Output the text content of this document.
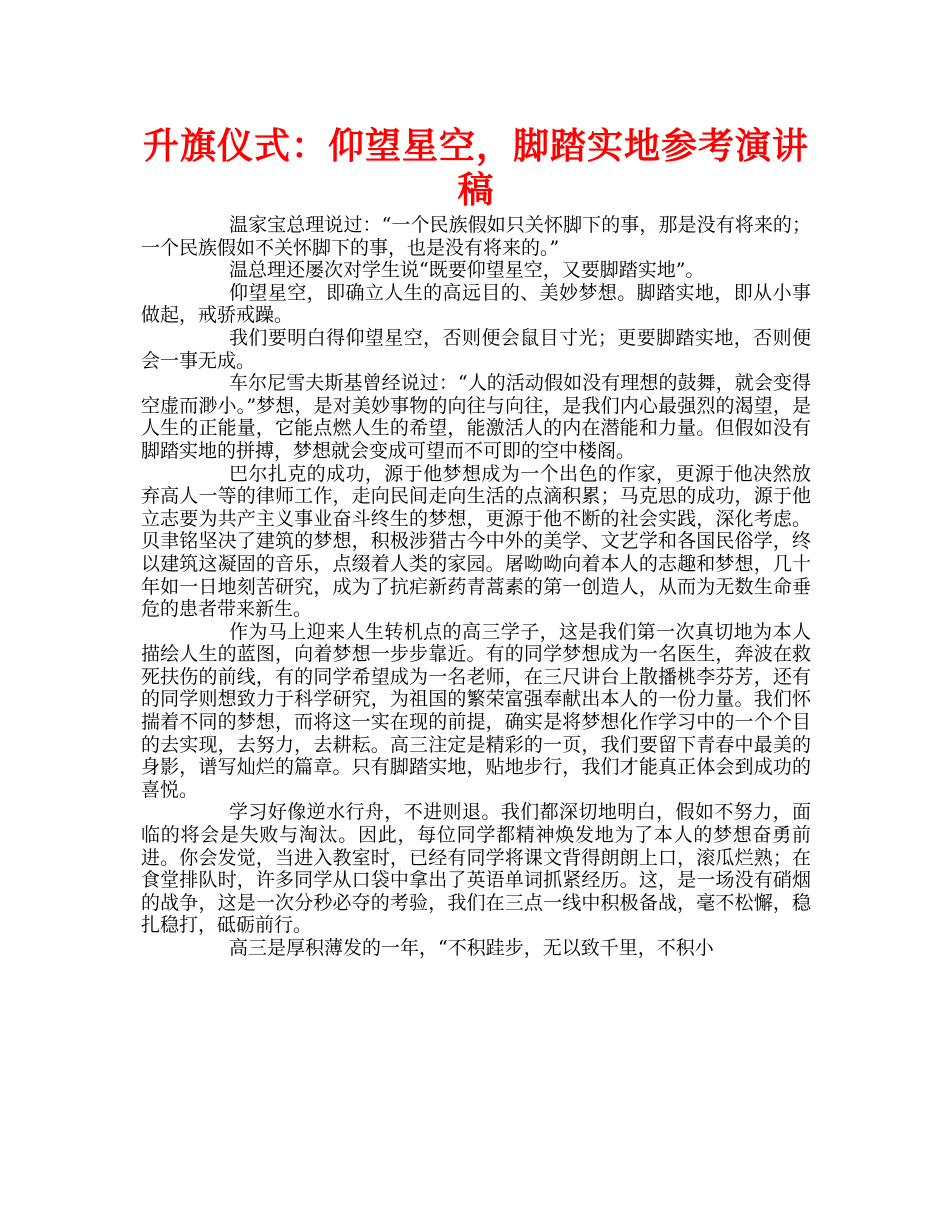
升旗仪式：仰望星空，脚踏实地参考演讲稿

温家宝总理说过：“一个民族假如只关怀脚下的事，那是没有将来的；一个民族假如不关怀脚下的事，也是没有将来的。”

温总理还屡次对学生说“既要仰望星空，又要脚踏实地”。

仰望星空，即确立人生的高远目的、美妙梦想。脚踏实地，即从小事做起，戒骄戒躁。

我们要明白得仰望星空，否则便会鼠目寸光；更要脚踏实地，否则便会一事无成。

车尔尼雪夫斯基曾经说过：“人的活动假如没有理想的鼓舞，就会变得空虚而渺小。”梦想，是对美妙事物的向往与向往，是我们内心最强烈的渴望，是人生的正能量，它能点燃人生的希望，能激活人的内在潜能和力量。但假如没有脚踏实地的拼搏，梦想就会变成可望而不可即的空中楼阁。

巴尔扎克的成功，源于他梦想成为一个出色的作家，更源于他决然放弃高人一等的律师工作，走向民间走向生活的点滴积累；马克思的成功，源于他立志要为共产主义事业奋斗终生的梦想，更源于他不断的社会实践，深化考虑。贝聿铭坚决了建筑的梦想，积极涉猎古今中外的美学、文艺学和各国民俗学，终以建筑这凝固的音乐，点缀着人类的家园。屠呦呦向着本人的志趣和梦想，几十年如一日地刻苦研究，成为了抗疟新药青蒿素的第一创造人，从而为无数生命垂危的患者带来新生。

作为马上迎来人生转机点的高三学子，这是我们第一次真切地为本人描绘人生的蓝图，向着梦想一步步靠近。有的同学梦想成为一名医生，奔波在救死扶伤的前线，有的同学希望成为一名老师，在三尺讲台上散播桃李芬芳，还有的同学则想致力于科学研究，为祖国的繁荣富强奉献出本人的一份力量。我们怀揣着不同的梦想，而将这一实在现的前提，确实是将梦想化作学习中的一个个目的去实现，去努力，去耕耘。高三注定是精彩的一页，我们要留下青春中最美的身影，谱写灿烂的篇章。只有脚踏实地，贴地步行，我们才能真正体会到成功的喜悦。

学习好像逆水行舟，不进则退。我们都深切地明白，假如不努力，面临的将会是失败与淘汰。因此，每位同学都精神焕发地为了本人的梦想奋勇前进。你会发觉，当进入教室时，已经有同学将课文背得朗朗上口，滚瓜烂熟；在食堂排队时，许多同学从口袋中拿出了英语单词抓紧经历。这，是一场没有硝烟的战争，这是一次分秒必夺的考验，我们在三点一线中积极备战，毫不松懈，稳扎稳打，砥砺前行。

高三是厚积薄发的一年，“不积跬步，无以致千里，不积小
